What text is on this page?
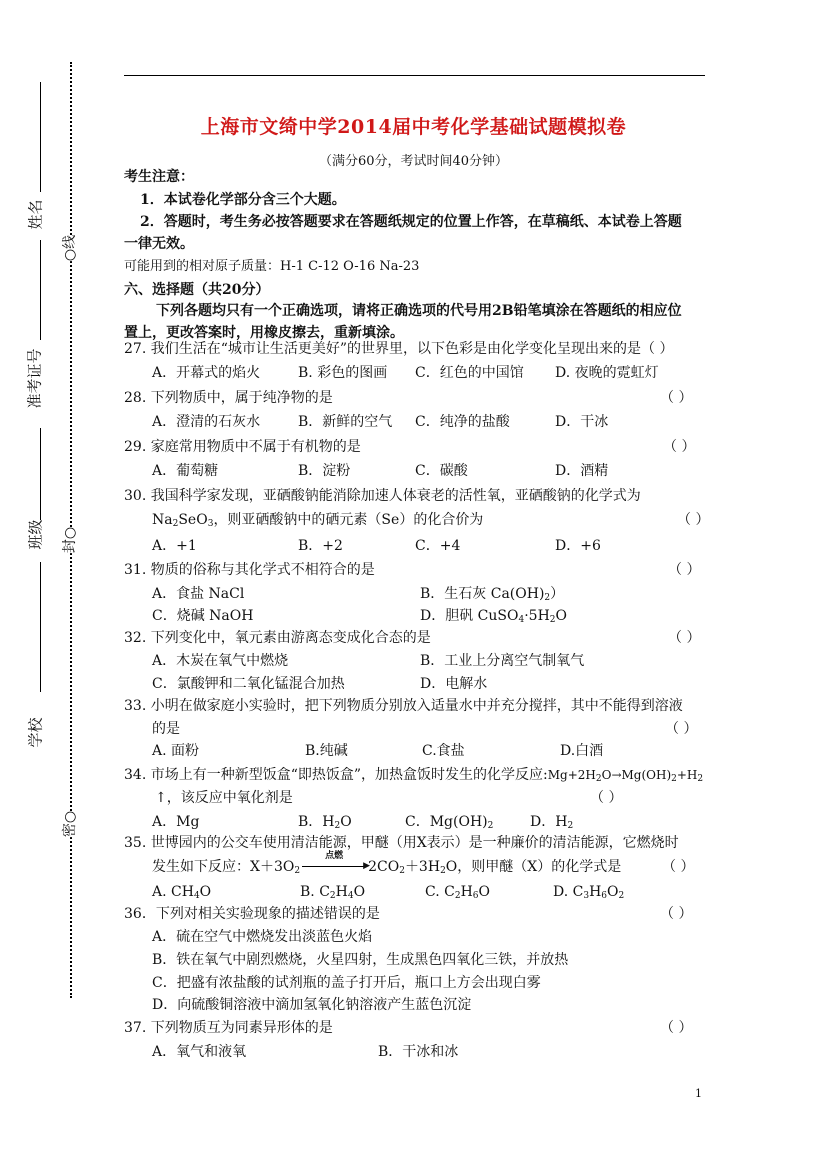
上海市文绮中学2014届中考化学基础试题模拟卷
（满分60分，考试时间40分钟）
姓名
准考证号
班级
学校
○线
封○
密○
考生注意：
1．本试卷化学部分含三个大题。
2．答题时，考生务必按答题要求在答题纸规定的位置上作答，在草稿纸、本试卷上答题
一律无效。
可能用到的相对原子质量：H-1 C-12 O-16 Na-23
六、选择题（共20分）
下列各题均只有一个正确选项，请将正确选项的代号用2B铅笔填涂在答题纸的相应位
置上，更改答案时，用橡皮擦去，重新填涂。
27. 我们生活在“城市让生活更美好”的世界里，以下色彩是由化学变化呈现出来的是（ ）
A．开幕式的焰火	B. 彩色的图画 C．红色的中国馆 D. 夜晚的霓虹灯
28. 下列物质中，属于纯净物的是	（ ）
A．澄清的石灰水	B．新鲜的空气 C．纯净的盐酸	D．干冰
29. 家庭常用物质中不属于有机物的是	（ ）
A．葡萄糖	B．淀粉	C．碳酸	D．酒精
30. 我国科学家发现，亚硒酸钠能消除加速人体衰老的活性氧，亚硒酸钠的化学式为
$Na_2SeO_3$，则亚硒酸钠中的硒元素（Se）的化合价为	（ ）
A．+1	B．+2	C．+4	D．+6
31. 物质的俗称与其化学式不相符合的是	（ ）
A．食盐 NaCl	B．生石灰 $Ca(OH)_2$）
C．烧碱 NaOH	D．胆矾 $CuSO_4\cdot 5H_2O$
32. 下列变化中，氧元素由游离态变成化合态的是	（ ）
A．木炭在氧气中燃烧	B．工业上分离空气制氧气
C．氯酸钾和二氧化锰混合加热	D．电解水
33. 小明在做家庭小实验时，把下列物质分别放入适量水中并充分搅拌，其中不能得到溶液
的是	（ ）
A. 面粉	B.纯碱	C.食盐	D.白酒
34. 市场上有一种新型饭盒“即热饭盒”，加热盒饭时发生的化学反应$:Mg+2H_2O\to Mg(OH)_2+H_2$
↑，该反应中氧化剂是	（ ）
A．Mg	B．$H_2O$	C．$Mg(OH)_2$	D．$H_2$
35. 世博园内的公交车使用清洁能源，甲醚（用X表示）是一种廉价的清洁能源，它燃烧时
发生如下反应：$X+3O_2$
点燃
▶
$2CO_2+3H_2O$，则甲醚（X）的化学式是	（ ）
A. $CH_4O$	B. $C_2H_4O$	C. $C_2H_6O$	D. $C_3H_6O_2$
36．下列对相关实验现象的描述错误的是	（ ）
A．硫在空气中燃烧发出淡蓝色火焰
B．铁在氧气中剧烈燃烧，火星四射，生成黑色四氧化三铁，并放热
C．把盛有浓盐酸的试剂瓶的盖子打开后，瓶口上方会出现白雾
D．向硫酸铜溶液中滴加氢氧化钠溶液产生蓝色沉淀
37. 下列物质互为同素异形体的是	（ ）
A．氧气和液氧	B．干冰和冰
1
